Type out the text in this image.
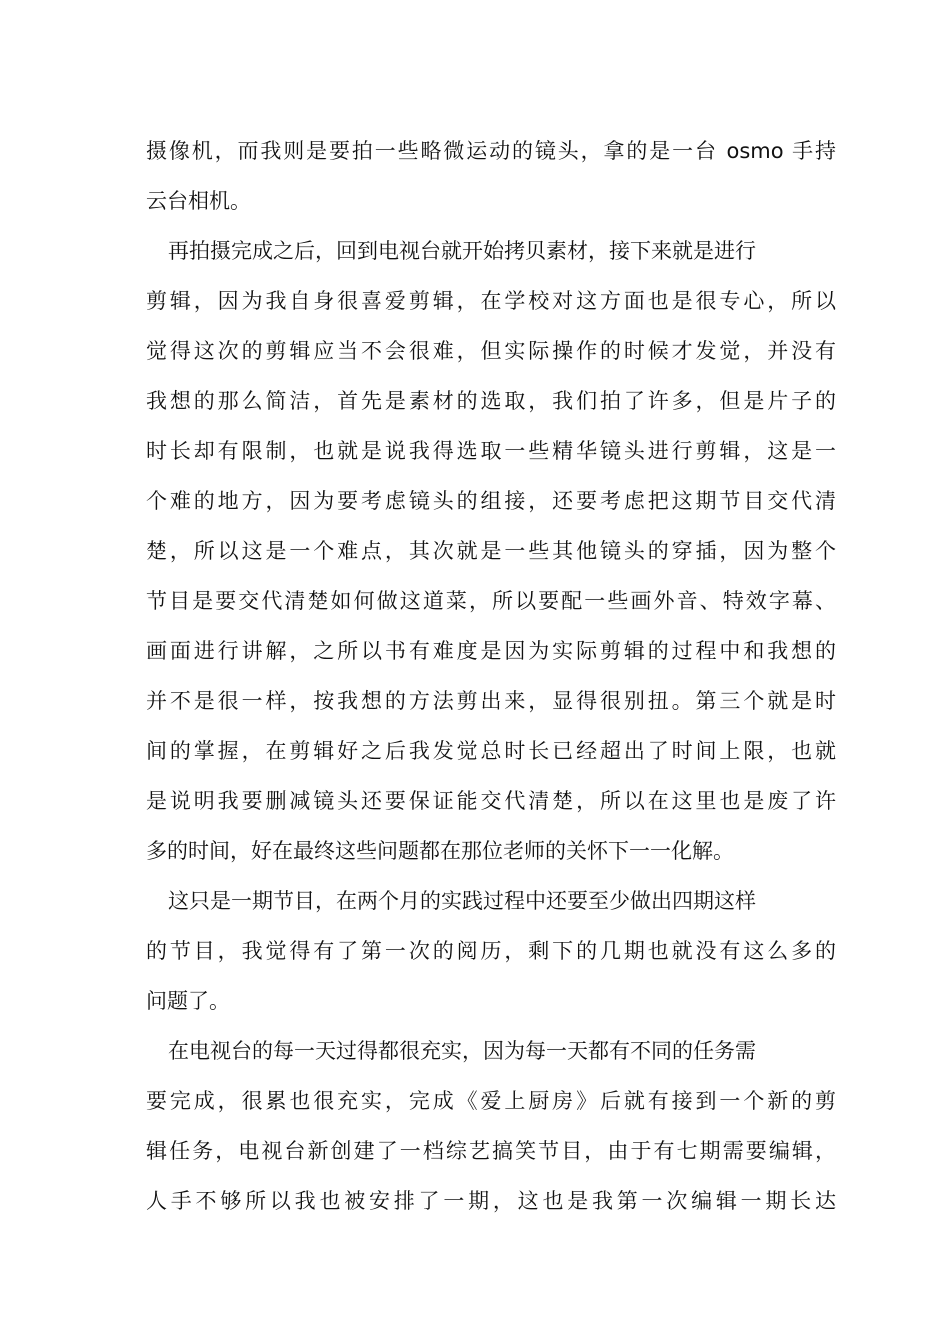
摄像机，而我则是要拍一些略微运动的镜头，拿的是一台 osmo 手持
云台相机。
再拍摄完成之后，回到电视台就开始拷贝素材，接下来就是进行
剪辑，因为我自身很喜爱剪辑，在学校对这方面也是很专心，所以
觉得这次的剪辑应当不会很难，但实际操作的时候才发觉，并没有
我想的那么简洁，首先是素材的选取，我们拍了许多，但是片子的
时长却有限制，也就是说我得选取一些精华镜头进行剪辑，这是一
个难的地方，因为要考虑镜头的组接，还要考虑把这期节目交代清
楚，所以这是一个难点，其次就是一些其他镜头的穿插，因为整个
节目是要交代清楚如何做这道菜，所以要配一些画外音、特效字幕、
画面进行讲解，之所以书有难度是因为实际剪辑的过程中和我想的
并不是很一样，按我想的方法剪出来，显得很别扭。第三个就是时
间的掌握，在剪辑好之后我发觉总时长已经超出了时间上限，也就
是说明我要删减镜头还要保证能交代清楚，所以在这里也是废了许
多的时间，好在最终这些问题都在那位老师的关怀下一一化解。
这只是一期节目，在两个月的实践过程中还要至少做出四期这样
的节目，我觉得有了第一次的阅历，剩下的几期也就没有这么多的
问题了。
在电视台的每一天过得都很充实，因为每一天都有不同的任务需
要完成，很累也很充实，完成《爱上厨房》后就有接到一个新的剪
辑任务，电视台新创建了一档综艺搞笑节目，由于有七期需要编辑，
人手不够所以我也被安排了一期，这也是我第一次编辑一期长达
